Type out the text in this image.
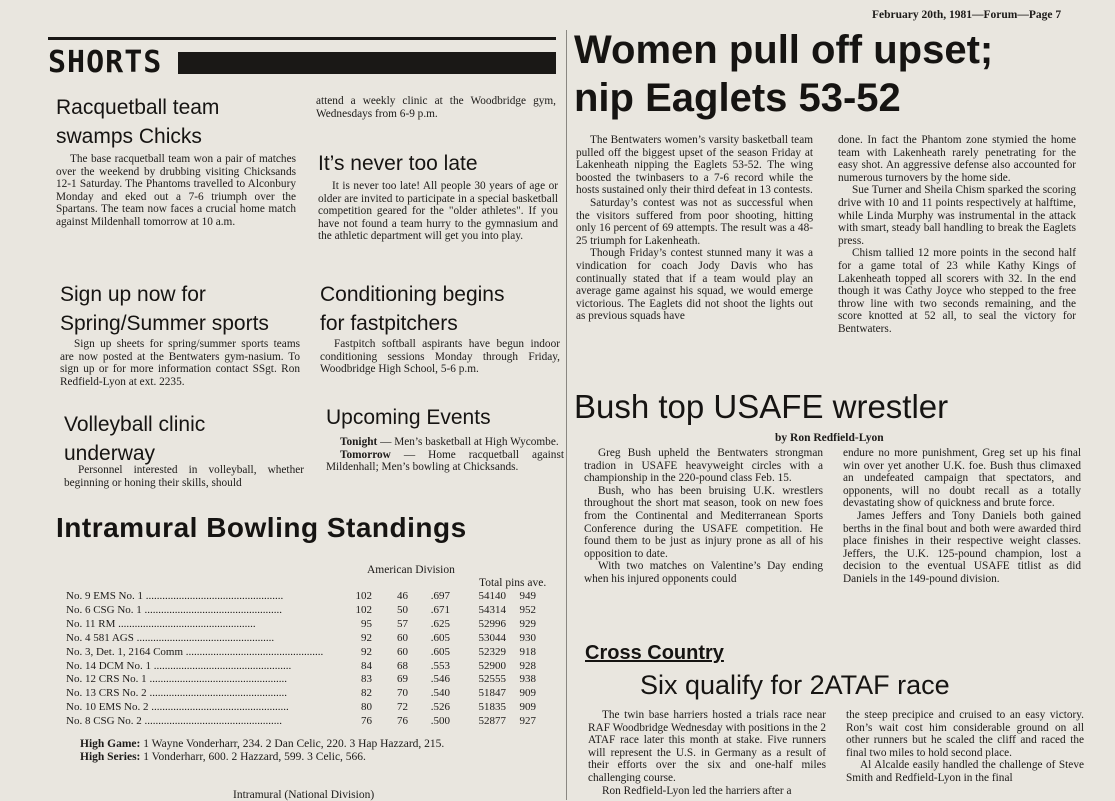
February 20th, 1981—Forum—Page 7
SHORTS
Racquetball team
swamps Chicks

The base racquetball team won a pair of matches over the weekend by drubbing visiting Chicksands 12-1 Saturday. The Phantoms travelled to Alconbury Monday and eked out a 7-6 triumph over the Spartans. The team now faces a crucial home match against Mildenhall tomorrow at 10 a.m.

Sign up now for
Spring/Summer sports

Sign up sheets for spring/summer sports teams are now posted at the Bentwaters gym-nasium. To sign up or for more information contact SSgt. Ron Redfield-Lyon at ext. 2235.

Volleyball clinic
underway

Personnel interested in volleyball, whether beginning or honing their skills, should

attend a weekly clinic at the Woodbridge gym, Wednesdays from 6-9 p.m.

It’s never too late

It is never too late! All people 30 years of age or older are invited to participate in a special basketball competition geared for the "older athletes". If you have not found a team hurry to the gymnasium and the athletic department will get you into play.

Conditioning begins
for fastpitchers

Fastpitch softball aspirants have begun indoor conditioning sessions Monday through Friday, Woodbridge High School, 5-6 p.m.

Upcoming Events

Tonight — Men’s basketball at High Wycombe.

Tomorrow — Home racquetball against Mildenhall; Men’s bowling at Chicksands.

Intramural Bowling Standings
American Division
Total pins ave.
No. 9 EMS No. 1 ..................................................	102	46	.697	54140	949
No. 6 CSG No. 1 ..................................................	102	50	.671	54314	952
No. 11 RM ..................................................	95	57	.625	52996	929
No. 4 581 AGS ..................................................	92	60	.605	53044	930
No. 3, Det. 1, 2164 Comm ..................................................	92	60	.605	52329	918
No. 14 DCM No. 1 ..................................................	84	68	.553	52900	928
No. 12 CRS No. 1 ..................................................	83	69	.546	52555	938
No. 13 CRS No. 2 ..................................................	82	70	.540	51847	909
No. 10 EMS No. 2 ..................................................	80	72	.526	51835	909
No. 8 CSG No. 2 ..................................................	76	76	.500	52877	927
High Game: 1 Wayne Vonderharr, 234. 2 Dan Celic, 220. 3 Hap Hazzard, 215.
High Series: 1 Vonderharr, 600. 2 Hazzard, 599. 3 Celic, 566.
Intramural (National Division)
Women pull off upset;
nip Eaglets 53-52

The Bentwaters women’s varsity basketball team pulled off the biggest upset of the season Friday at Lakenheath nipping the Eaglets 53-52. The wing boosted the twinbasers to a 7-6 record while the hosts sustained only their third defeat in 13 contests.

Saturday’s contest was not as successful when the visitors suffered from poor shooting, hitting only 16 percent of 69 attempts. The result was a 48-25 triumph for Lakenheath.

Though Friday’s contest stunned many it was a vindication for coach Jody Davis who has continually stated that if a team would play an average game against his squad, we would emerge victorious. The Eaglets did not shoot the lights out as previous squads have

done. In fact the Phantom zone stymied the home team with Lakenheath rarely penetrating for the easy shot. An aggressive defense also accounted for numerous turnovers by the home side.

Sue Turner and Sheila Chism sparked the scoring drive with 10 and 11 points respectively at halftime, while Linda Murphy was instrumental in the attack with smart, steady ball handling to break the Eaglets press.

Chism tallied 12 more points in the second half for a game total of 23 while Kathy Kings of Lakenheath topped all scorers with 32. In the end though it was Cathy Joyce who stepped to the free throw line with two seconds remaining, and the score knotted at 52 all, to seal the victory for Bentwaters.

Bush top USAFE wrestler
by Ron Redfield-Lyon

Greg Bush upheld the Bentwaters strongman tradion in USAFE heavyweight circles with a championship in the 220-pound class Feb. 15.

Bush, who has been bruising U.K. wrestlers throughout the short mat season, took on new foes from the Continental and Mediterranean Sports Conference during the USAFE competition. He found them to be just as injury prone as all of his opposition to date.

With two matches on Valentine’s Day ending when his injured opponents could

endure no more punishment, Greg set up his final win over yet another U.K. foe. Bush thus climaxed an undefeated campaign that spectators, and opponents, will no doubt recall as a totally devastating show of quickness and brute force.

James Jeffers and Tony Daniels both gained berths in the final bout and both were awarded third place finishes in their respective weight classes. Jeffers, the U.K. 125-pound champion, lost a decision to the eventual USAFE titlist as did Daniels in the 149-pound division.

Cross Country
Six qualify for 2ATAF race

The twin base harriers hosted a trials race near RAF Woodbridge Wednesday with positions in the 2 ATAF race later this month at stake. Five runners will represent the U.S. in Germany as a result of their efforts over the six and one-half miles challenging course.

Ron Redfield-Lyon led the harriers after a

the steep precipice and cruised to an easy victory. Ron’s wait cost him considerable ground on all other runners but he scaled the cliff and raced the final two miles to hold second place.

Al Alcalde easily handled the challenge of Steve Smith and Redfield-Lyon in the final
